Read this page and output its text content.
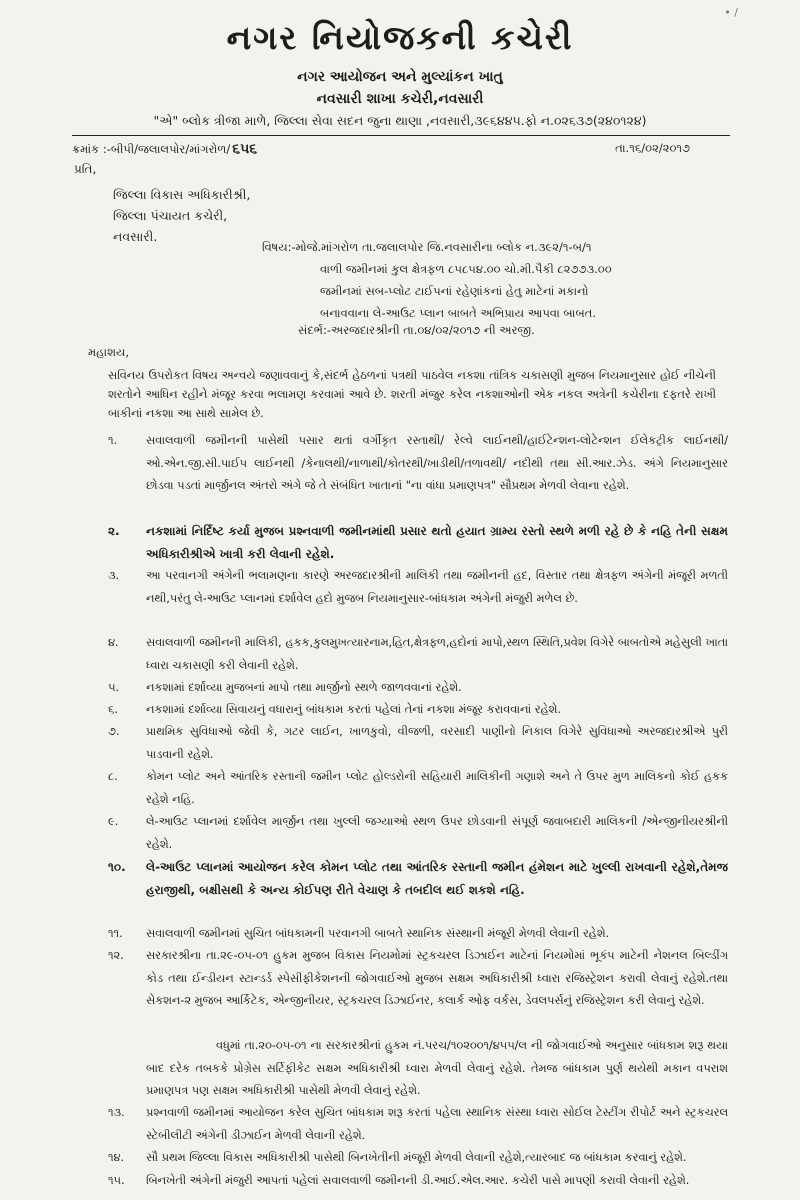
• /
નગર નિયોજકની કચેરી
નગર આયોજન અને મુલ્યાંકન ખાતુ
નવસારી શાખા કચેરી,નવસારી
"એ" બ્લોક ત્રીજા માળે, જિલ્લા સેવા સદન જુના થાણા ,નવસારી,૩૯૬૪૪૫.ફો ન.૦૨૬૩૭(૨૪૦૧૨૪)
ક્રમાંક :-બીપી/જલાલપોર/માંગરોળ/ ૬૫૬	તા.૧૬/૦૨/૨૦૧૭
પ્રતિ,
જિલ્લા વિકાસ અધિકારીશ્રી,
જિલ્લા પંચાયત કચેરી,
નવસારી.
વિષય:-મોજે.માંગરોળ તા.જલાલપોર જિ.નવસારીના બ્લોક ન.૩૯૨/૧-બ/૧
વાળી જમીનમાં કુલ ક્ષેત્રફળ ૮૫૮૫૪.૦૦ ચો.મી.પૈકી ૮૨૭૭૩.૦૦
જમીનમાં સબ-પ્લોટ ટાઈપનાં રહેણાંકનાં હેતુ માટેનાં મકાનો
બનાવવાના લે-આઉટ પ્લાન બાબતે અભિપ્રાય આપવા બાબત.
સંદર્ભ:-અરજદારશ્રીની તા.૦૪/૦૨/૨૦૧૭ ની અરજી.
મહાશય,
સવિનય ઉપરોકત વિષય અન્વયે જણાવવાનું કે,સંદર્ભ હેઠળનાં પત્રથી પાઠવેલ નકશા તાંત્રિક ચકાસણી મુજબ નિયમાનુસાર હોઈ નીચેની શરતોને આધિન રહીને મંજૂર કરવા ભલામણ કરવામાં આવે છે. શરતી મંજુર કરેલ નકશાઓની એક નકલ અત્રેની કચેરીના દફતરે રાખી બાકીનાં નકશા આ સાથે સામેલ છે.
૧.	સવાલવાળી જમીનની પાસેથી પસાર થતાં વર્ગીકૃત રસ્તાથી/ રેલ્વે લાઈનથી/હાઈટેન્શન-લોટેન્શન ઈલેકટ્રીક લાઈનથી/ઓ.એન.જી.સી.પાઈપ લાઈનથી /કેનાલથી/નાળાથી/કોતરથી/ખાડીથી/તળાવથી/ નદીથી તથા સી.આર.ઝેડ. અંગે નિયમાનુસાર છોડવા પડતાં માર્જીનલ અંતરો અંગે જે તે સંબંધિત ખાતાનાં "ના વાંધા પ્રમાણપત્ર" સૌપ્રથમ મેળવી લેવાના રહેશે.
૨.	નકશામાં નિર્દિષ્ટ કર્યા મુજબ પ્રશ્નવાળી જમીનમાંથી પ્રસાર થતો હયાત ગ્રામ્ય રસ્તો સ્થળે મળી રહે છે કે નહિ તેની સક્ષમ અધિકારીશ્રીએ ખાત્રી કરી લેવાની રહેશે.
૩.	આ પરવાનગી અંગેની ભલામણના કારણે અરજદારશ્રીની માલિકી તથા જમીનની હદ, વિસ્તાર તથા ક્ષેત્રફળ અંગેની મંજૂરી મળતી નથી,પરંતુ લે-આઉટ પ્લાનમાં દર્શાવેલ હદો મુજબ નિયમાનુસાર-બાંધકામ અંગેની મંજુરી મળેલ છે.
૪.	સવાલવાળી જમીનની માલિકી, હકક,કુલમુખત્યારનામ,હિત,ક્ષેત્રફળ,હદોનાં માપો,સ્થળ સ્થિતિ,પ્રવેશ વિગેરે બાબતોએ મહેસુલી ખાતા ધ્વારા ચકાસણી કરી લેવાની રહેશે.
૫.	નકશામાં દર્શાવ્યા મુજબનાં માપો તથા માર્જીનો સ્થળે જાળવવાનાં રહેશે.
૬.	નકશામાં દર્શાવ્યા સિવાયનું વધારાનું બાંધકામ કરતાં પહેલાં તેનાં નકશા મંજૂર કરાવવાનાં રહેશે.
૭.	પ્રાથમિક સુવિધાઓ જેવી કે, ગટર લાઈન, ખાળકુવો, વીજળી, વરસાદી પાણીનો નિકાલ વિગેરે સુવિધાઓ અરજદારશ્રીએ પુરી પાડવાની રહેશે.
૮.	કોમન પ્લોટ અને આંતરિક રસ્તાની જમીન પ્લોટ હોલ્ડરોની સહિયારી માલિકીની ગણાશે અને તે ઉપર મુળ માલિકનો કોઈ હકક રહેશે નહિ.
૯.	લે-આઉટ પ્લાનમાં દર્શાવેલ માર્જીન તથા ખુલ્લી જગ્યાઓ સ્થળ ઉપર છોડવાની સંપૂર્ણ જવાબદારી માલિકની /એન્જીનીયરશ્રીની રહેશે.
૧૦.	લે-આઉટ પ્લાનમાં આયોજન કરેલ કોમન પ્લોટ તથા આંતરિક રસ્તાની જમીન હંમેશન માટે ખુલ્લી રાખવાની રહેશે,તેમજ હરાજીથી, બક્ષીસથી કે અન્ય કોઈપણ રીતે વેચાણ કે તબદીલ થઈ શકશે નહિ.
૧૧.	સવાલવાળી જમીનમાં સુચિત બાંધકામની પરવાનગી બાબતે સ્થાનિક સંસ્થાની મંજૂરી મેળવી લેવાની રહેશે.
૧૨.	સરકારશ્રીના તા.૨૯-૦૫-૦૧ હુકમ મુજબ વિકાસ નિયમોમાં સ્ટ્રકચરલ ડિઝાઈન માટેનાં નિયમોમાં ભૂકંપ માટેની નેશનલ બિલ્ડીંગ કોડ તથા ઈન્ડીયન સ્ટાન્ડર્ડ સ્પેસીફીકેશનની જોગવાઈઓ મુજબ સક્ષમ અધિકારીશ્રી ધ્વારા રજિસ્ટ્રેશન કરાવી લેવાનું રહેશે.તથા સેકશન-૨ મુજબ આર્કિટેક, એન્જીનીયર, સ્ટ્રકચરલ ડિઝાઈનર, કલાર્ક ઓફ વર્કસ, ડેવલપર્સનું રજિસ્ટ્રેશન કરી લેવાનું રહેશે.
વધુમાં તા.૨૦-૦૫-૦૧ ના સરકારશ્રીનાં હુકમ નં.પરચ/૧૦૨૦૦૧/૪૫૫/લ ની જોગવાઈઓ અનુસાર બાંધકામ શરૂ થયા બાદ દરેક તબકકે પ્રોગ્રેસ સર્ટિફીકેટ સક્ષમ અધિકારીશ્રી ધ્વારા મેળવી લેવાનું રહેશે. તેમજ બાંધકામ પુર્ણ થયેથી મકાન વપરાશ પ્રમાણપત્ર પણ સક્ષમ અધિકારીશ્રી પાસેથી મેળવી લેવાનું રહેશે.
૧૩.	પ્રશ્નવાળી જમીનમાં આયોજન કરેલ સુચિત બાંધકામ શરૂ કરતાં પહેલા સ્થાનિક સંસ્થા ધ્વારા સોઈલ ટેસ્ટીંગ રીપોર્ટ અને સ્ટ્રકચરલ સ્ટેબીલીટી અંગેની ડીઝાઈન મેળવી લેવાની રહેશે.
૧૪.	સૌ પ્રથમ જિલ્લા વિકાસ અધિકારીશ્રી પાસેથી બિનખેતીની મંજૂરી મેળવી લેવાની રહેશે,ત્યારબાદ જ બાંધકામ કરવાનું રહેશે.
૧૫.	બિનખેતી અંગેની મંજુરી આપતાં પહેલાં સવાલવાળી જમીનની ડી.આઈ.એલ.આર. કચેરી પાસે માપણી કરાવી લેવાની રહેશે.
